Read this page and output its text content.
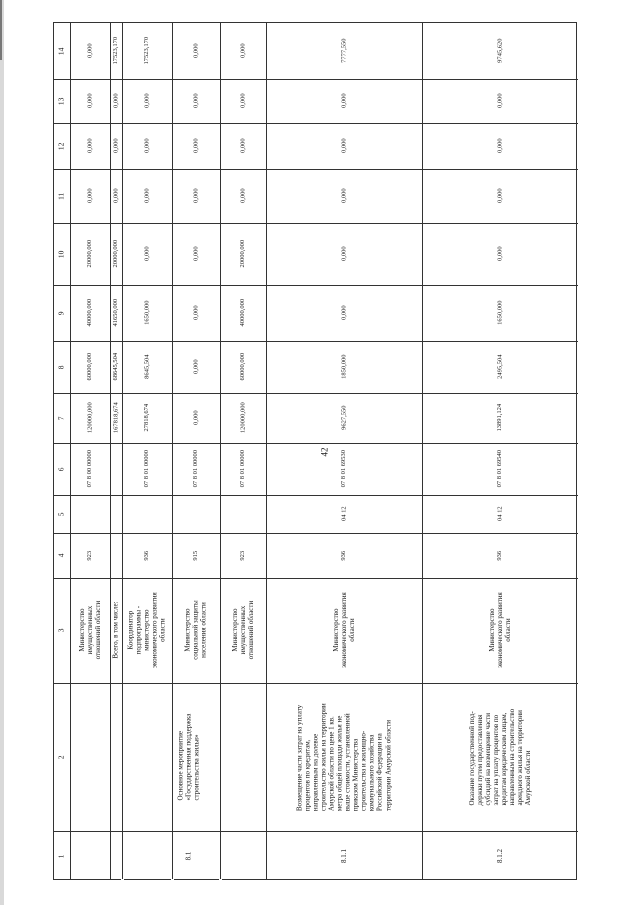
42
1
2
3
4
5
6
7
8
9
10
11
12
13
14
Министерство
имущественных
отношений области
923
07 8 00 00000
120000,000
60000,000
40000,000
20000,000
0,000
0,000
0,000
0,000
8.1
Основное мероприятие
«Государственная поддержка
строительства жилья»
Всего, в том числе:
167818,674
68645,504
41650,000
20000,000
0,000
0,000
0,000
17523,170
Координатор
подпрограммы -
министерство
экономического развития
области
936
07 8 01 00000
27818,674
8645,504
1650,000
0,000
0,000
0,000
0,000
17523,170
Министерство
социальной защиты
населения области
915
07 8 01 00000
0,000
0,000
0,000
0,000
0,000
0,000
0,000
0,000
Министерство
имущественных
отношений области
923
07 8 01 00000
120000,000
60000,000
40000,000
20000,000
0,000
0,000
0,000
0,000
8.1.1
Возмещение части затрат на уплату
процентов по кредитам,
направленным на долевое
строительство жилья на территории
Амурской области по цене 1 кв.
метра общей площади жилья не
выше стоимости, установленной
приказом Министерства
строительства и жилищно-
коммунального хозяйства
Российской Федерации на
территории Амурской области
Министерство
экономического развития
области
936
04 12
07 8 01 69530
9627,550
1850,000
0,000
0,000
0,000
0,000
0,000
7777,550
8.1.2
Оказание государственной под-
держки путем предоставления
субсидий на возмещение части
затрат на уплату процентов по
кредитам юридическим лицам,
направленным на строительство
арендного жилья на территории
Амурской области
Министерство
экономического развития
области
936
04 12
07 8 01 69540
13891,124
2495,504
1650,000
0,000
0,000
0,000
0,000
9745,620
